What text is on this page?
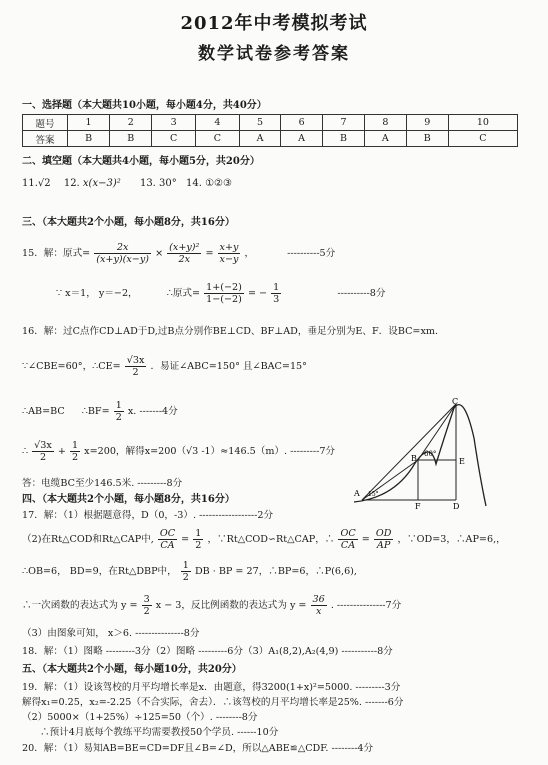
2012年中考模拟考试
数学试卷参考答案
一、选择题（本大题共10小题，每小题4分，共40分）
题号	1	2	3	4	5	6	7	8	9	10
答案	B	B	C	C	A	A	B	A	B	C
二、填空题（本大题共4小题，每小题5分，共20分）
11.√2 12. x(x−3)² 13. 30° 14. ①②③
三、（本大题共2个小题，每小题8分，共16分）
15．解：原式= $\frac{2x}{(x+y)(x-y)} \times \frac{\text{(x+y)²}}{2x} = \frac{x+y}{x-y}$ ，	----------5分
∵ x＝1， y＝−2，	∴原式= $\frac{1+(-2)}{1-(-2)}$ = − $\frac{1}{3}$	----------8分
16．解：过C点作CD⊥AD于D,过B点分别作BE⊥CD、BF⊥AD，垂足分别为E、F．设BC=xm.
∵∠CBE=60°，∴CE= $\frac{√3x}{2}$ ．易证∠ABC=150° 且∠BAC=15°
∴AB=BC ∴BF= $\frac{1}{2} x$. -------4分
∴ $\frac{√3x}{2} + \frac{1}{2} x=200$，解得x=200（√3 -1）≈146.5（m）. ---------7分
答：电缆BC至少146.5米. ---------8分
C
B	E
60°
A 15°
F	D
四、（本大题共2个小题，每小题8分，共16分）
17．解：（1）根据题意得，D（0，-3）. ------------------2分
（2)在Rt△COD和Rt△CAP中, $\frac{OC}{CA} = \frac{1}{2}$ ，∵Rt△COD∽Rt△CAP，∴ $\frac{OC}{CA} = \frac{OD}{AP}$ ，∵OD=3，∴AP=6,，
∴OB=6， BD=9，在Rt△DBP中， $\frac{1}{2}$ DB · BP = 27，∴BP=6，∴P(6,6),
∴一次函数的表达式为 $y = \frac{3}{2}$ x − 3，反比例函数的表达式为 $y = \frac{36}{x}$ . ---------------7分
（3）由图象可知， x＞6. ---------------8分
18．解：（1）图略 ---------3分（2）图略 ---------6分（3）A₁(8,2),A₂(4,9) -----------8分
五、（本大题共2个小题，每小题10分，共20分）
19．解：（1）设该驾校的月平均增长率是x．由题意，得3200(1+x)²=5000. ---------3分
解得x₁=0.25，x₂=-2.25（不合实际，舍去）．∴该驾校的月平均增长率是25%. -------6分
（2）5000×（1+25%）÷125=50（个）. --------8分
∴预计4月底每个教练平均需要教授50个学员. ------10分
20．解：（1）易知AB=BE=CD=DF且∠B=∠D，所以△ABE≌△CDF. --------4分
